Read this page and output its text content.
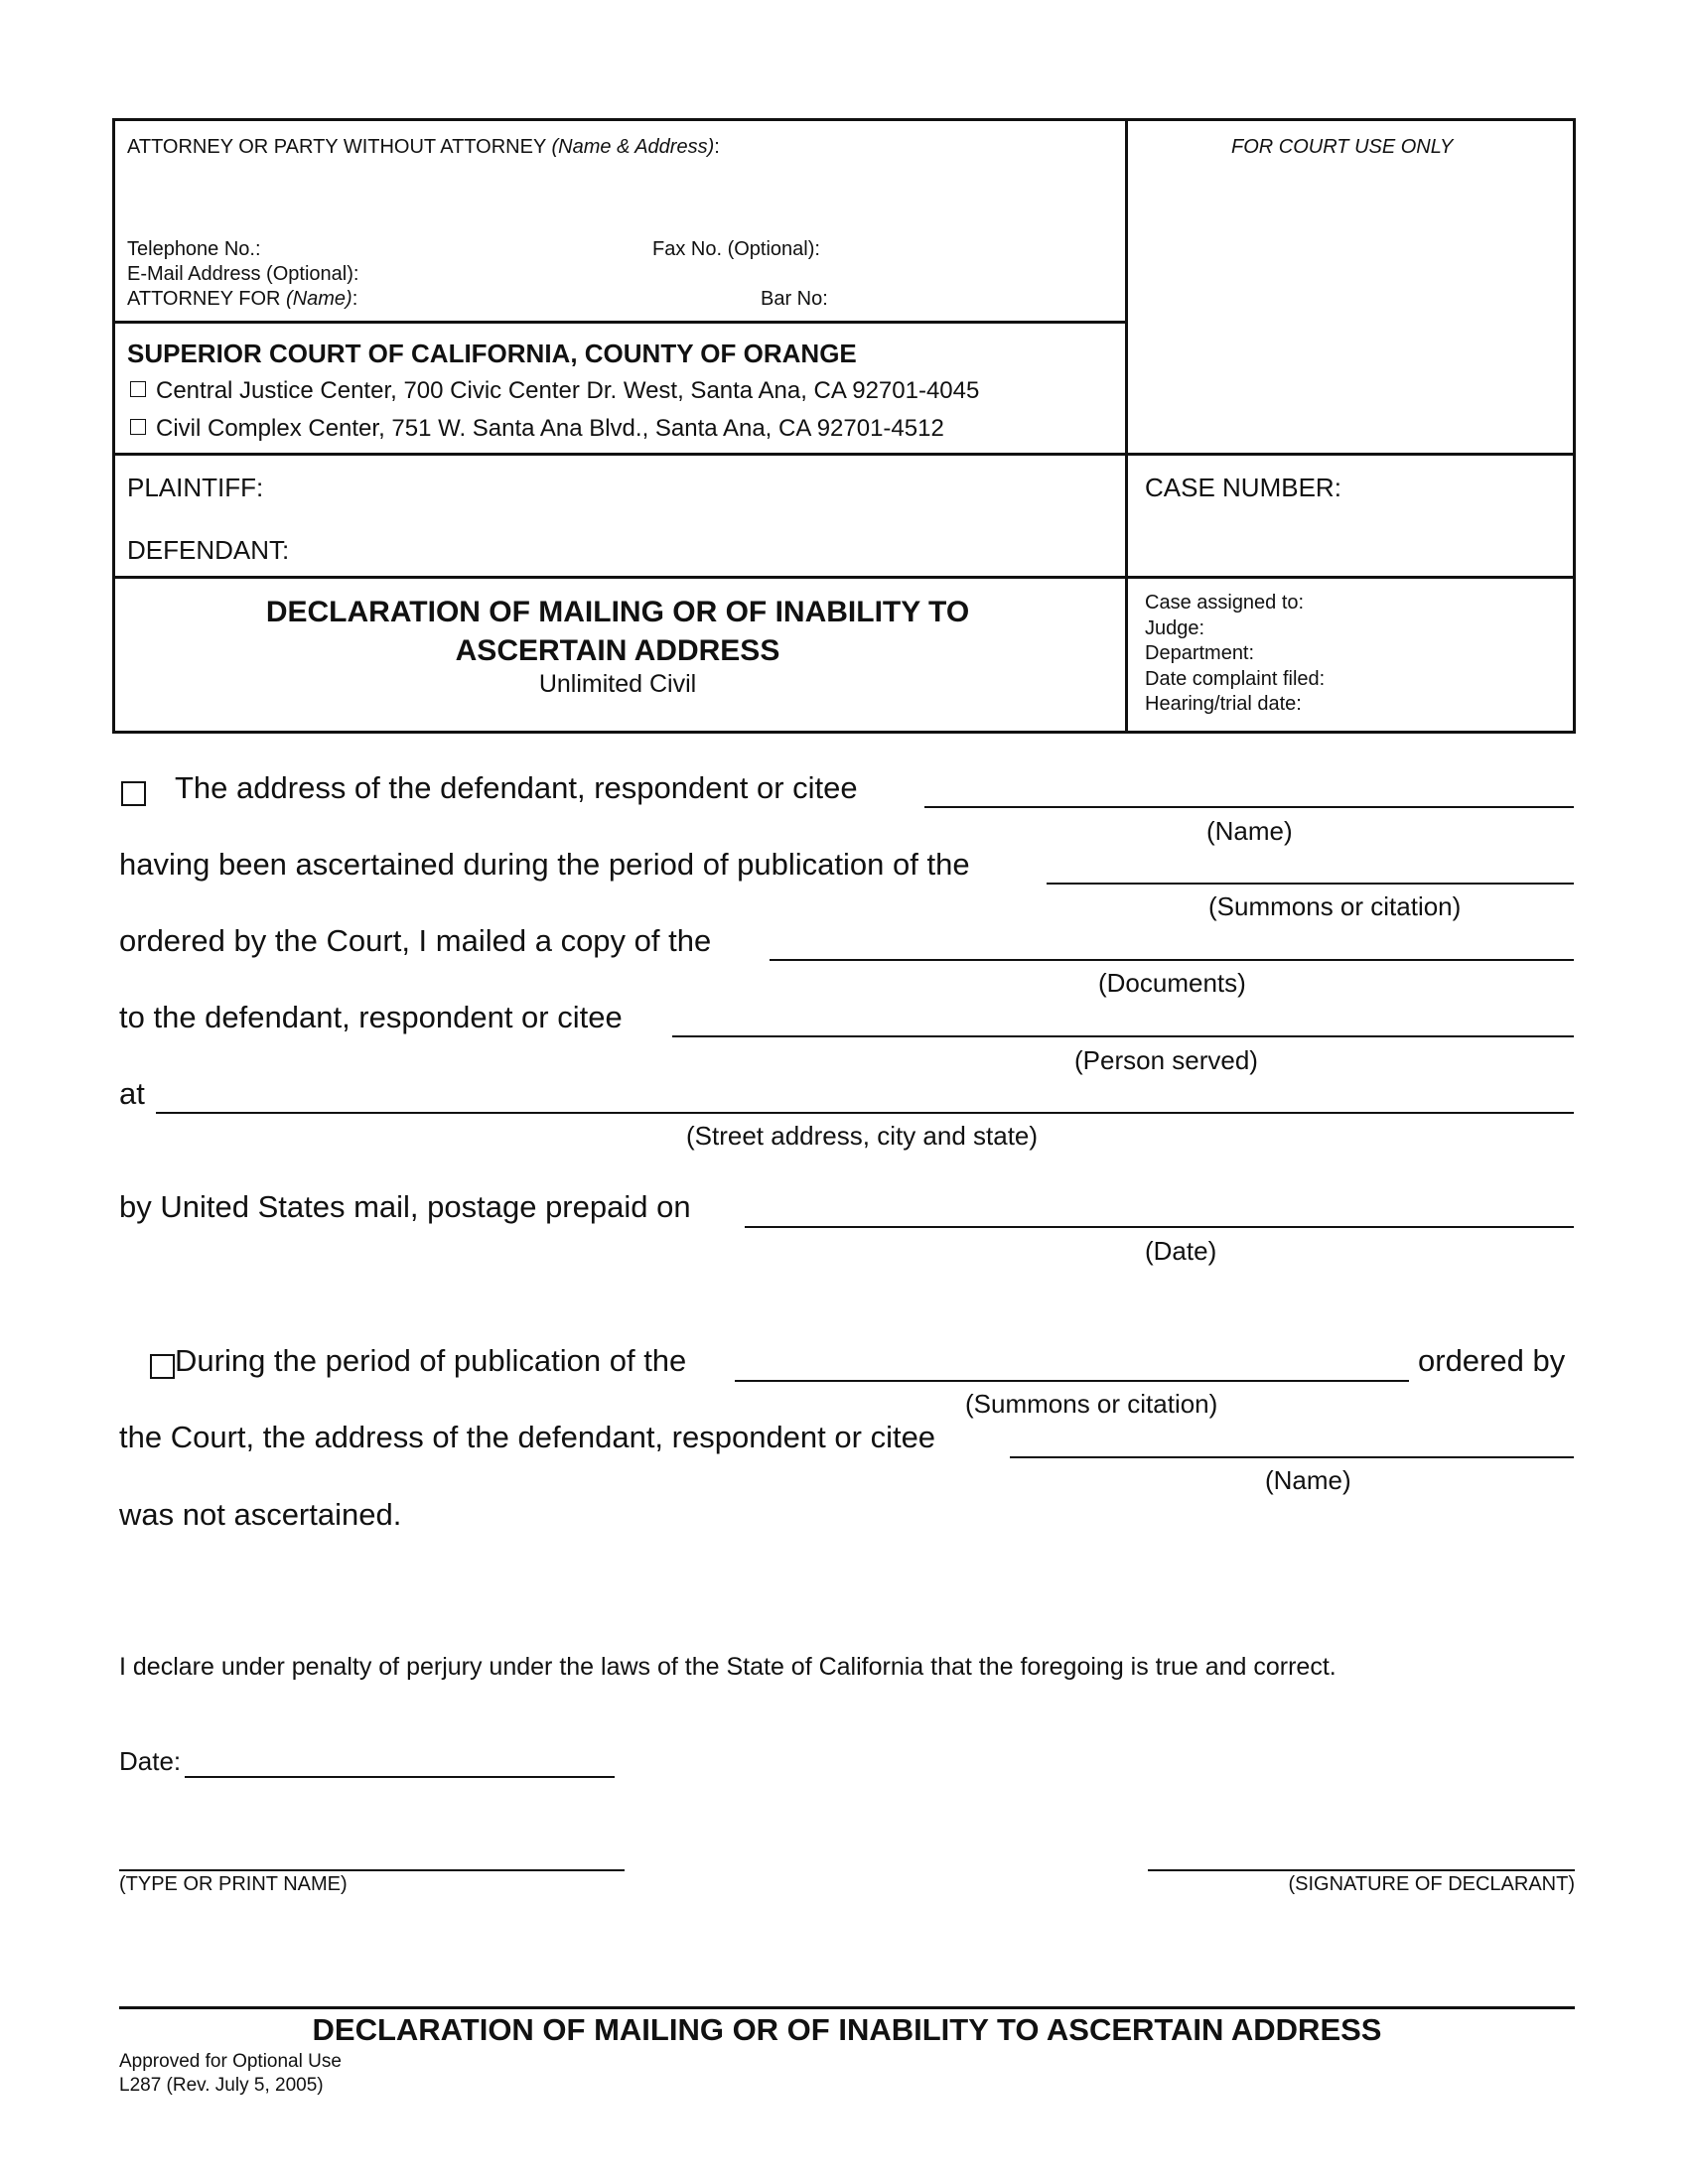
ATTORNEY OR PARTY WITHOUT ATTORNEY (Name & Address):	FOR COURT USE ONLY
Telephone No.:	Fax No. (Optional):
E-Mail Address (Optional):
ATTORNEY FOR (Name):	Bar No:
SUPERIOR COURT OF CALIFORNIA, COUNTY OF ORANGE
Central Justice Center, 700 Civic Center Dr. West, Santa Ana, CA 92701-4045
Civil Complex Center, 751 W. Santa Ana Blvd., Santa Ana, CA 92701-4512
PLAINTIFF:
DEFENDANT:
CASE NUMBER:
DECLARATION OF MAILING OR OF INABILITY TO
ASCERTAIN ADDRESS
Unlimited Civil
Case assigned to:
Judge:
Department:
Date complaint filed:
Hearing/trial date:

The address of the defendant, respondent or citee
(Name)
having been ascertained during the period of publication of the
(Summons or citation)
ordered by the Court, I mailed a copy of the
(Documents)
to the defendant, respondent or citee
(Person served)
at
(Street address, city and state)
by United States mail, postage prepaid on
(Date)
During the period of publication of the	ordered by
(Summons or citation)
the Court, the address of the defendant, respondent or citee
(Name)
was not ascertained.
I declare under penalty of perjury under the laws of the State of California that the foregoing is true and correct.
Date:
(TYPE OR PRINT NAME)	(SIGNATURE OF DECLARANT)
DECLARATION OF MAILING OR OF INABILITY TO ASCERTAIN ADDRESS
Approved for Optional Use
L287 (Rev. July 5, 2005)
